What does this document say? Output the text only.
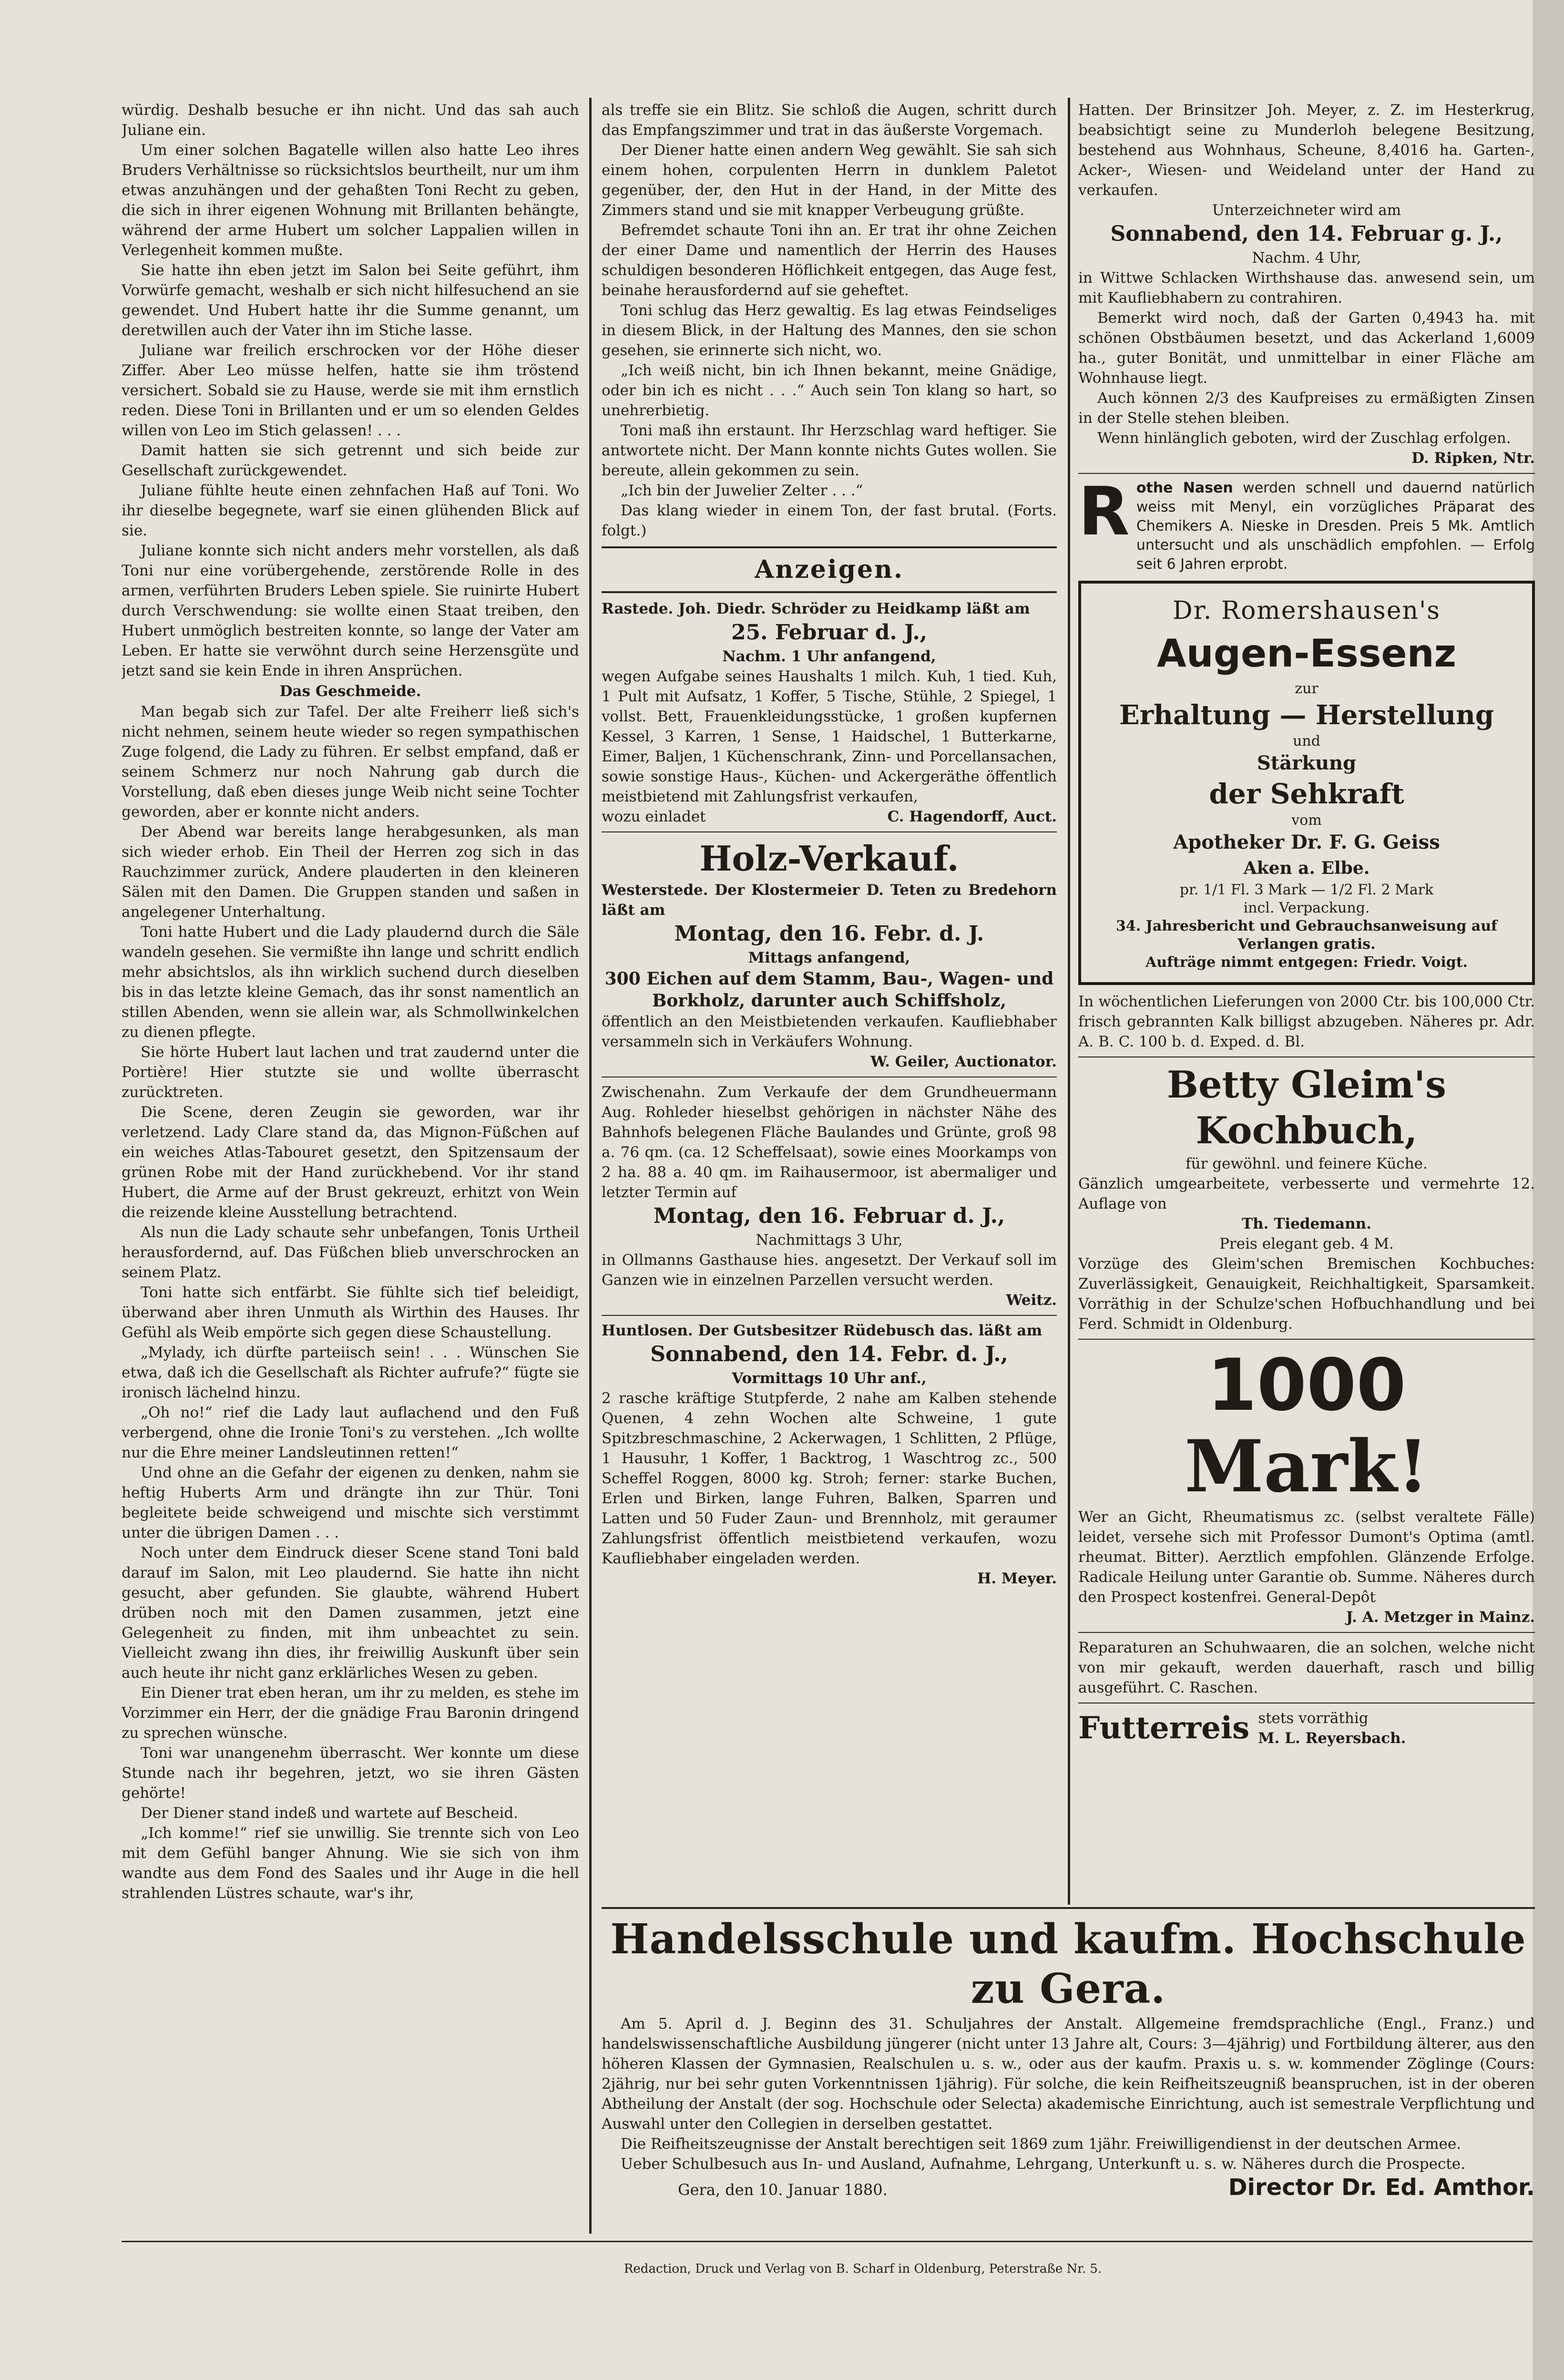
würdig. Deshalb besuche er ihn nicht. Und das sah auch Juliane ein.

Um einer solchen Bagatelle willen also hatte Leo ihres Bruders Verhältnisse so rücksichtslos beurtheilt, nur um ihm etwas anzuhängen und der gehaßten Toni Recht zu geben, die sich in ihrer eigenen Wohnung mit Brillanten behängte, während der arme Hubert um solcher Lappalien willen in Verlegenheit kommen mußte.

Sie hatte ihn eben jetzt im Salon bei Seite geführt, ihm Vorwürfe gemacht, weshalb er sich nicht hilfesuchend an sie gewendet. Und Hubert hatte ihr die Summe genannt, um deretwillen auch der Vater ihn im Stiche lasse.

Juliane war freilich erschrocken vor der Höhe dieser Ziffer. Aber Leo müsse helfen, hatte sie ihm tröstend versichert. Sobald sie zu Hause, werde sie mit ihm ernstlich reden. Diese Toni in Brillanten und er um so elenden Geldes willen von Leo im Stich gelassen! . . .

Damit hatten sie sich getrennt und sich beide zur Gesellschaft zurückgewendet.

Juliane fühlte heute einen zehnfachen Haß auf Toni. Wo ihr dieselbe begegnete, warf sie einen glühenden Blick auf sie.

Juliane konnte sich nicht anders mehr vorstellen, als daß Toni nur eine vorübergehende, zerstörende Rolle in des armen, verführten Bruders Leben spiele. Sie ruinirte Hubert durch Verschwendung: sie wollte einen Staat treiben, den Hubert unmöglich bestreiten konnte, so lange der Vater am Leben. Er hatte sie verwöhnt durch seine Herzensgüte und jetzt sand sie kein Ende in ihren Ansprüchen.

Das Geschmeide.

Man begab sich zur Tafel. Der alte Freiherr ließ sich's nicht nehmen, seinem heute wieder so regen sympathischen Zuge folgend, die Lady zu führen. Er selbst empfand, daß er seinem Schmerz nur noch Nahrung gab durch die Vorstellung, daß eben dieses junge Weib nicht seine Tochter geworden, aber er konnte nicht anders.

Der Abend war bereits lange herabgesunken, als man sich wieder erhob. Ein Theil der Herren zog sich in das Rauchzimmer zurück, Andere plauderten in den kleineren Sälen mit den Damen. Die Gruppen standen und saßen in angelegener Unterhaltung.

Toni hatte Hubert und die Lady plaudernd durch die Säle wandeln gesehen. Sie vermißte ihn lange und schritt endlich mehr absichtslos, als ihn wirklich suchend durch dieselben bis in das letzte kleine Gemach, das ihr sonst namentlich an stillen Abenden, wenn sie allein war, als Schmollwinkelchen zu dienen pflegte.

Sie hörte Hubert laut lachen und trat zaudernd unter die Portière! Hier stutzte sie und wollte überrascht zurücktreten.

Die Scene, deren Zeugin sie geworden, war ihr verletzend. Lady Clare stand da, das Mignon-Füßchen auf ein weiches Atlas-Tabouret gesetzt, den Spitzensaum der grünen Robe mit der Hand zurückhebend. Vor ihr stand Hubert, die Arme auf der Brust gekreuzt, erhitzt von Wein die reizende kleine Ausstellung betrachtend.

Als nun die Lady schaute sehr unbefangen, Tonis Urtheil herausfordernd, auf. Das Füßchen blieb unverschrocken an seinem Platz.

Toni hatte sich entfärbt. Sie fühlte sich tief beleidigt, überwand aber ihren Unmuth als Wirthin des Hauses. Ihr Gefühl als Weib empörte sich gegen diese Schaustellung.

„Mylady, ich dürfte parteiisch sein! . . . Wünschen Sie etwa, daß ich die Gesellschaft als Richter aufrufe?“ fügte sie ironisch lächelnd hinzu.

„Oh no!“ rief die Lady laut auflachend und den Fuß verbergend, ohne die Ironie Toni's zu verstehen. „Ich wollte nur die Ehre meiner Landsleutinnen retten!“

Und ohne an die Gefahr der eigenen zu denken, nahm sie heftig Huberts Arm und drängte ihn zur Thür. Toni begleitete beide schweigend und mischte sich verstimmt unter die übrigen Damen . . .

Noch unter dem Eindruck dieser Scene stand Toni bald darauf im Salon, mit Leo plaudernd. Sie hatte ihn nicht gesucht, aber gefunden. Sie glaubte, während Hubert drüben noch mit den Damen zusammen, jetzt eine Gelegenheit zu finden, mit ihm unbeachtet zu sein. Vielleicht zwang ihn dies, ihr freiwillig Auskunft über sein auch heute ihr nicht ganz erklärliches Wesen zu geben.

Ein Diener trat eben heran, um ihr zu melden, es stehe im Vorzimmer ein Herr, der die gnädige Frau Baronin dringend zu sprechen wünsche.

Toni war unangenehm überrascht. Wer konnte um diese Stunde nach ihr begehren, jetzt, wo sie ihren Gästen gehörte!

Der Diener stand indeß und wartete auf Bescheid.

„Ich komme!“ rief sie unwillig. Sie trennte sich von Leo mit dem Gefühl banger Ahnung. Wie sie sich von ihm wandte aus dem Fond des Saales und ihr Auge in die hell strahlenden Lüstres schaute, war's ihr,

als treffe sie ein Blitz. Sie schloß die Augen, schritt durch das Empfangszimmer und trat in das äußerste Vorgemach.

Der Diener hatte einen andern Weg gewählt. Sie sah sich einem hohen, corpulenten Herrn in dunklem Paletot gegenüber, der, den Hut in der Hand, in der Mitte des Zimmers stand und sie mit knapper Verbeugung grüßte.

Befremdet schaute Toni ihn an. Er trat ihr ohne Zeichen der einer Dame und namentlich der Herrin des Hauses schuldigen besonderen Höflichkeit entgegen, das Auge fest, beinahe herausfordernd auf sie geheftet.

Toni schlug das Herz gewaltig. Es lag etwas Feindseliges in diesem Blick, in der Haltung des Mannes, den sie schon gesehen, sie erinnerte sich nicht, wo.

„Ich weiß nicht, bin ich Ihnen bekannt, meine Gnädige, oder bin ich es nicht . . .“ Auch sein Ton klang so hart, so unehrerbietig.

Toni maß ihn erstaunt. Ihr Herzschlag ward heftiger. Sie antwortete nicht. Der Mann konnte nichts Gutes wollen. Sie bereute, allein gekommen zu sein.

„Ich bin der Juwelier Zelter . . .“

Das klang wieder in einem Ton, der fast brutal. (Forts. folgt.)

Anzeigen.

Rastede. Joh. Diedr. Schröder zu Heidkamp läßt am

25. Februar d. J.,

Nachm. 1 Uhr anfangend,

wegen Aufgabe seines Haushalts 1 milch. Kuh, 1 tied. Kuh, 1 Pult mit Aufsatz, 1 Koffer, 5 Tische, Stühle, 2 Spiegel, 1 vollst. Bett, Frauenkleidungsstücke, 1 großen kupfernen Kessel, 3 Karren, 1 Sense, 1 Haidschel, 1 Butterkarne, Eimer, Baljen, 1 Küchenschrank, Zinn- und Porcellansachen, sowie sonstige Haus-, Küchen- und Ackergeräthe öffentlich meistbietend mit Zahlungsfrist verkaufen,

wozu einladet	C. Hagendorff, Auct.

Holz-Verkauf.

Westerstede. Der Klostermeier D. Teten zu Bredehorn läßt am

Montag, den 16. Febr. d. J.

Mittags anfangend,

300 Eichen auf dem Stamm, Bau-, Wagen- und Borkholz, darunter auch Schiffsholz,

öffentlich an den Meistbietenden verkaufen. Kaufliebhaber versammeln sich in Verkäufers Wohnung.

W. Geiler, Auctionator.

Zwischenahn. Zum Verkaufe der dem Grundheuermann Aug. Rohleder hieselbst gehörigen in nächster Nähe des Bahnhofs belegenen Fläche Baulandes und Grünte, groß 98 a. 76 qm. (ca. 12 Scheffelsaat), sowie eines Moorkamps von 2 ha. 88 a. 40 qm. im Raihausermoor, ist abermaliger und letzter Termin auf

Montag, den 16. Februar d. J.,

Nachmittags 3 Uhr,

in Ollmanns Gasthause hies. angesetzt. Der Verkauf soll im Ganzen wie in einzelnen Parzellen versucht werden.

Weitz.

Huntlosen. Der Gutsbesitzer Rüdebusch das. läßt am

Sonnabend, den 14. Febr. d. J.,

Vormittags 10 Uhr anf.,

2 rasche kräftige Stutpferde, 2 nahe am Kalben stehende Quenen, 4 zehn Wochen alte Schweine, 1 gute Spitzbreschmaschine, 2 Ackerwagen, 1 Schlitten, 2 Pflüge, 1 Hausuhr, 1 Koffer, 1 Backtrog, 1 Waschtrog zc., 500 Scheffel Roggen, 8000 kg. Stroh; ferner: starke Buchen, Erlen und Birken, lange Fuhren, Balken, Sparren und Latten und 50 Fuder Zaun- und Brennholz, mit geraumer Zahlungsfrist öffentlich meistbietend verkaufen, wozu Kaufliebhaber eingeladen werden.

H. Meyer.

Hatten. Der Brinsitzer Joh. Meyer, z. Z. im Hesterkrug, beabsichtigt seine zu Munderloh belegene Besitzung, bestehend aus Wohnhaus, Scheune, 8,4016 ha. Garten-, Acker-, Wiesen- und Weideland unter der Hand zu verkaufen.

Unterzeichneter wird am

Sonnabend, den 14. Februar g. J.,

Nachm. 4 Uhr,

in Wittwe Schlacken Wirthshause das. anwesend sein, um mit Kaufliebhabern zu contrahiren.

Bemerkt wird noch, daß der Garten 0,4943 ha. mit schönen Obstbäumen besetzt, und das Ackerland 1,6009 ha., guter Bonität, und unmittelbar in einer Fläche am Wohnhause liegt.

Auch können 2/3 des Kaufpreises zu ermäßigten Zinsen in der Stelle stehen bleiben.

Wenn hinlänglich geboten, wird der Zuschlag erfolgen.

D. Ripken, Ntr.

R othe Nasen werden schnell und dauernd natürlich weiss mit Menyl, ein vorzügliches Präparat des Chemikers A. Nieske in Dresden. Preis 5 Mk. Amtlich untersucht und als unschädlich empfohlen. — Erfolg seit 6 Jahren erprobt.

Dr. Romershausen's
Augen-Essenz
zur
Erhaltung — Herstellung
und
Stärkung
der Sehkraft
vom
Apotheker Dr. F. G. Geiss
Aken a. Elbe.
pr. 1/1 Fl. 3 Mark — 1/2 Fl. 2 Mark
incl. Verpackung.
34. Jahresbericht und Gebrauchsanweisung auf Verlangen gratis.
Aufträge nimmt entgegen: Friedr. Voigt.

In wöchentlichen Lieferungen von 2000 Ctr. bis 100,000 Ctr. frisch gebrannten Kalk billigst abzugeben. Näheres pr. Adr. A. B. C. 100 b. d. Exped. d. Bl.

Betty Gleim's Kochbuch,

für gewöhnl. und feinere Küche.

Gänzlich umgearbeitete, verbesserte und vermehrte 12. Auflage von

Th. Tiedemann.

Preis elegant geb. 4 M.

Vorzüge des Gleim'schen Bremischen Kochbuches: Zuverlässigkeit, Genauigkeit, Reichhaltigkeit, Sparsamkeit. Vorräthig in der Schulze'schen Hofbuchhandlung und bei Ferd. Schmidt in Oldenburg.

1000 Mark!

Wer an Gicht, Rheumatismus zc. (selbst veraltete Fälle) leidet, versehe sich mit Professor Dumont's Optima (amtl. rheumat. Bitter). Aerztlich empfohlen. Glänzende Erfolge. Radicale Heilung unter Garantie ob. Summe. Näheres durch den Prospect kostenfrei. General-Depôt

J. A. Metzger in Mainz.

Reparaturen an Schuhwaaren, die an solchen, welche nicht von mir gekauft, werden dauerhaft, rasch und billig ausgeführt. C. Raschen.

Futterreis stets vorräthig

M. L. Reyersbach.

Handelsschule und kaufm. Hochschule zu Gera.

Am 5. April d. J. Beginn des 31. Schuljahres der Anstalt. Allgemeine fremdsprachliche (Engl., Franz.) und handelswissenschaftliche Ausbildung jüngerer (nicht unter 13 Jahre alt, Cours: 3—4jährig) und Fortbildung älterer, aus den höheren Klassen der Gymnasien, Realschulen u. s. w., oder aus der kaufm. Praxis u. s. w. kommender Zöglinge (Cours: 2jährig, nur bei sehr guten Vorkenntnissen 1jährig). Für solche, die kein Reifheitszeugniß beanspruchen, ist in der oberen Abtheilung der Anstalt (der sog. Hochschule oder Selecta) akademische Einrichtung, auch ist semestrale Verpflichtung und Auswahl unter den Collegien in derselben gestattet.

Die Reifheitszeugnisse der Anstalt berechtigen seit 1869 zum 1jähr. Freiwilligendienst in der deutschen Armee.

Ueber Schulbesuch aus In- und Ausland, Aufnahme, Lehrgang, Unterkunft u. s. w. Näheres durch die Prospecte.

Gera, den 10. Januar 1880.	Director Dr. Ed. Amthor.
Redaction, Druck und Verlag von B. Scharf in Oldenburg, Peterstraße Nr. 5.
